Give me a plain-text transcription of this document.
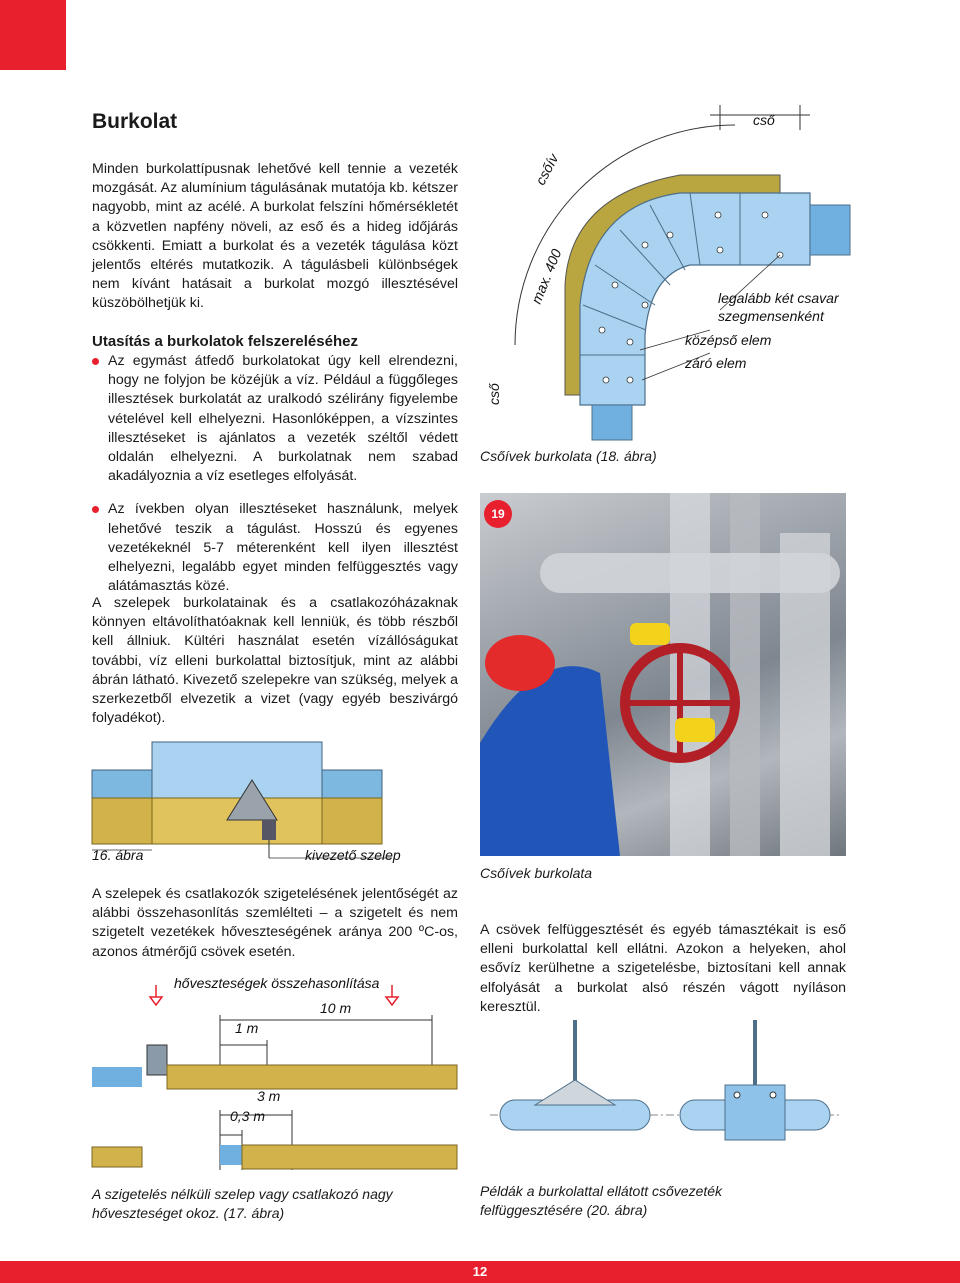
Burkolat

Minden burkolattípusnak lehetővé kell tennie a vezeték mozgását. Az alumínium tágulásának mutatója kb. kétszer nagyobb, mint az acélé. A burkolat felszíni hőmérsékletét a közvetlen napfény növeli, az eső és a hideg időjárás csökkenti. Emiatt a burkolat és a vezeték tágulása közt jelentős eltérés mutatkozik. A tágulásbeli különbségek nem kívánt hatásait a burkolat mozgó illesztésével küszöbölhetjük ki.

Utasítás a burkolatok felszereléséhez
Az egymást átfedő burkolatokat úgy kell elrendezni, hogy ne folyjon be közéjük a víz. Például a függőleges illesztések burkolatát az uralkodó szélirány figyelembe vételével kell elhelyezni. Hasonlóképpen, a vízszintes illesztéseket is ajánlatos a vezeték széltől védett oldalán elhelyezni. A burkolatnak nem szabad akadályoznia a víz esetleges elfolyását.
Az ívekben olyan illesztéseket használunk, melyek lehetővé teszik a tágulást. Hosszú és egyenes vezetékeknél 5-7 méterenként kell ilyen illesztést elhelyezni, legalább egyet minden felfüggesztés vagy alátámasztás közé.

A szelepek burkolatainak és a csatlakozóházaknak könnyen eltávolíthatóaknak kell lenniük, és több részből kell állniuk. Kültéri használat esetén vízállóságukat további, víz elleni burkolattal biztosítjuk, mint az alábbi ábrán látható. Kivezető szelepekre van szükség, melyek a szerkezetből elvezetik a vizet (vagy egyéb beszivárgó folyadékot).

cső
csőív
max. 400
cső
legalább két csavar szegmensenként
középső elem
záró elem

Csőívek burkolata (18. ábra)

19

Csőívek burkolata

16. ábra	kivezető szelep

A szelepek és csatlakozók szigetelésének jelentőségét az alábbi összehasonlítás szemlélteti – a szigetelt és nem szigetelt vezetékek hőveszteségének aránya 200 ºC-os, azonos átmérőjű csövek esetén.

hőveszteségek összehasonlítása
10 m
1 m
3 m
0,3 m

A szigetelés nélküli szelep vagy csatlakozó nagy hőveszteséget okoz. (17. ábra)

A csövek felfüggesztését és egyéb támasztékait is eső elleni burkolattal kell ellátni. Azokon a helyeken, ahol esővíz kerülhetne a szigetelésbe, biztosítani kell annak elfolyását a burkolat alsó részén vágott nyíláson keresztül.

Példák a burkolattal ellátott csővezeték felfüggesztésére (20. ábra)

12
